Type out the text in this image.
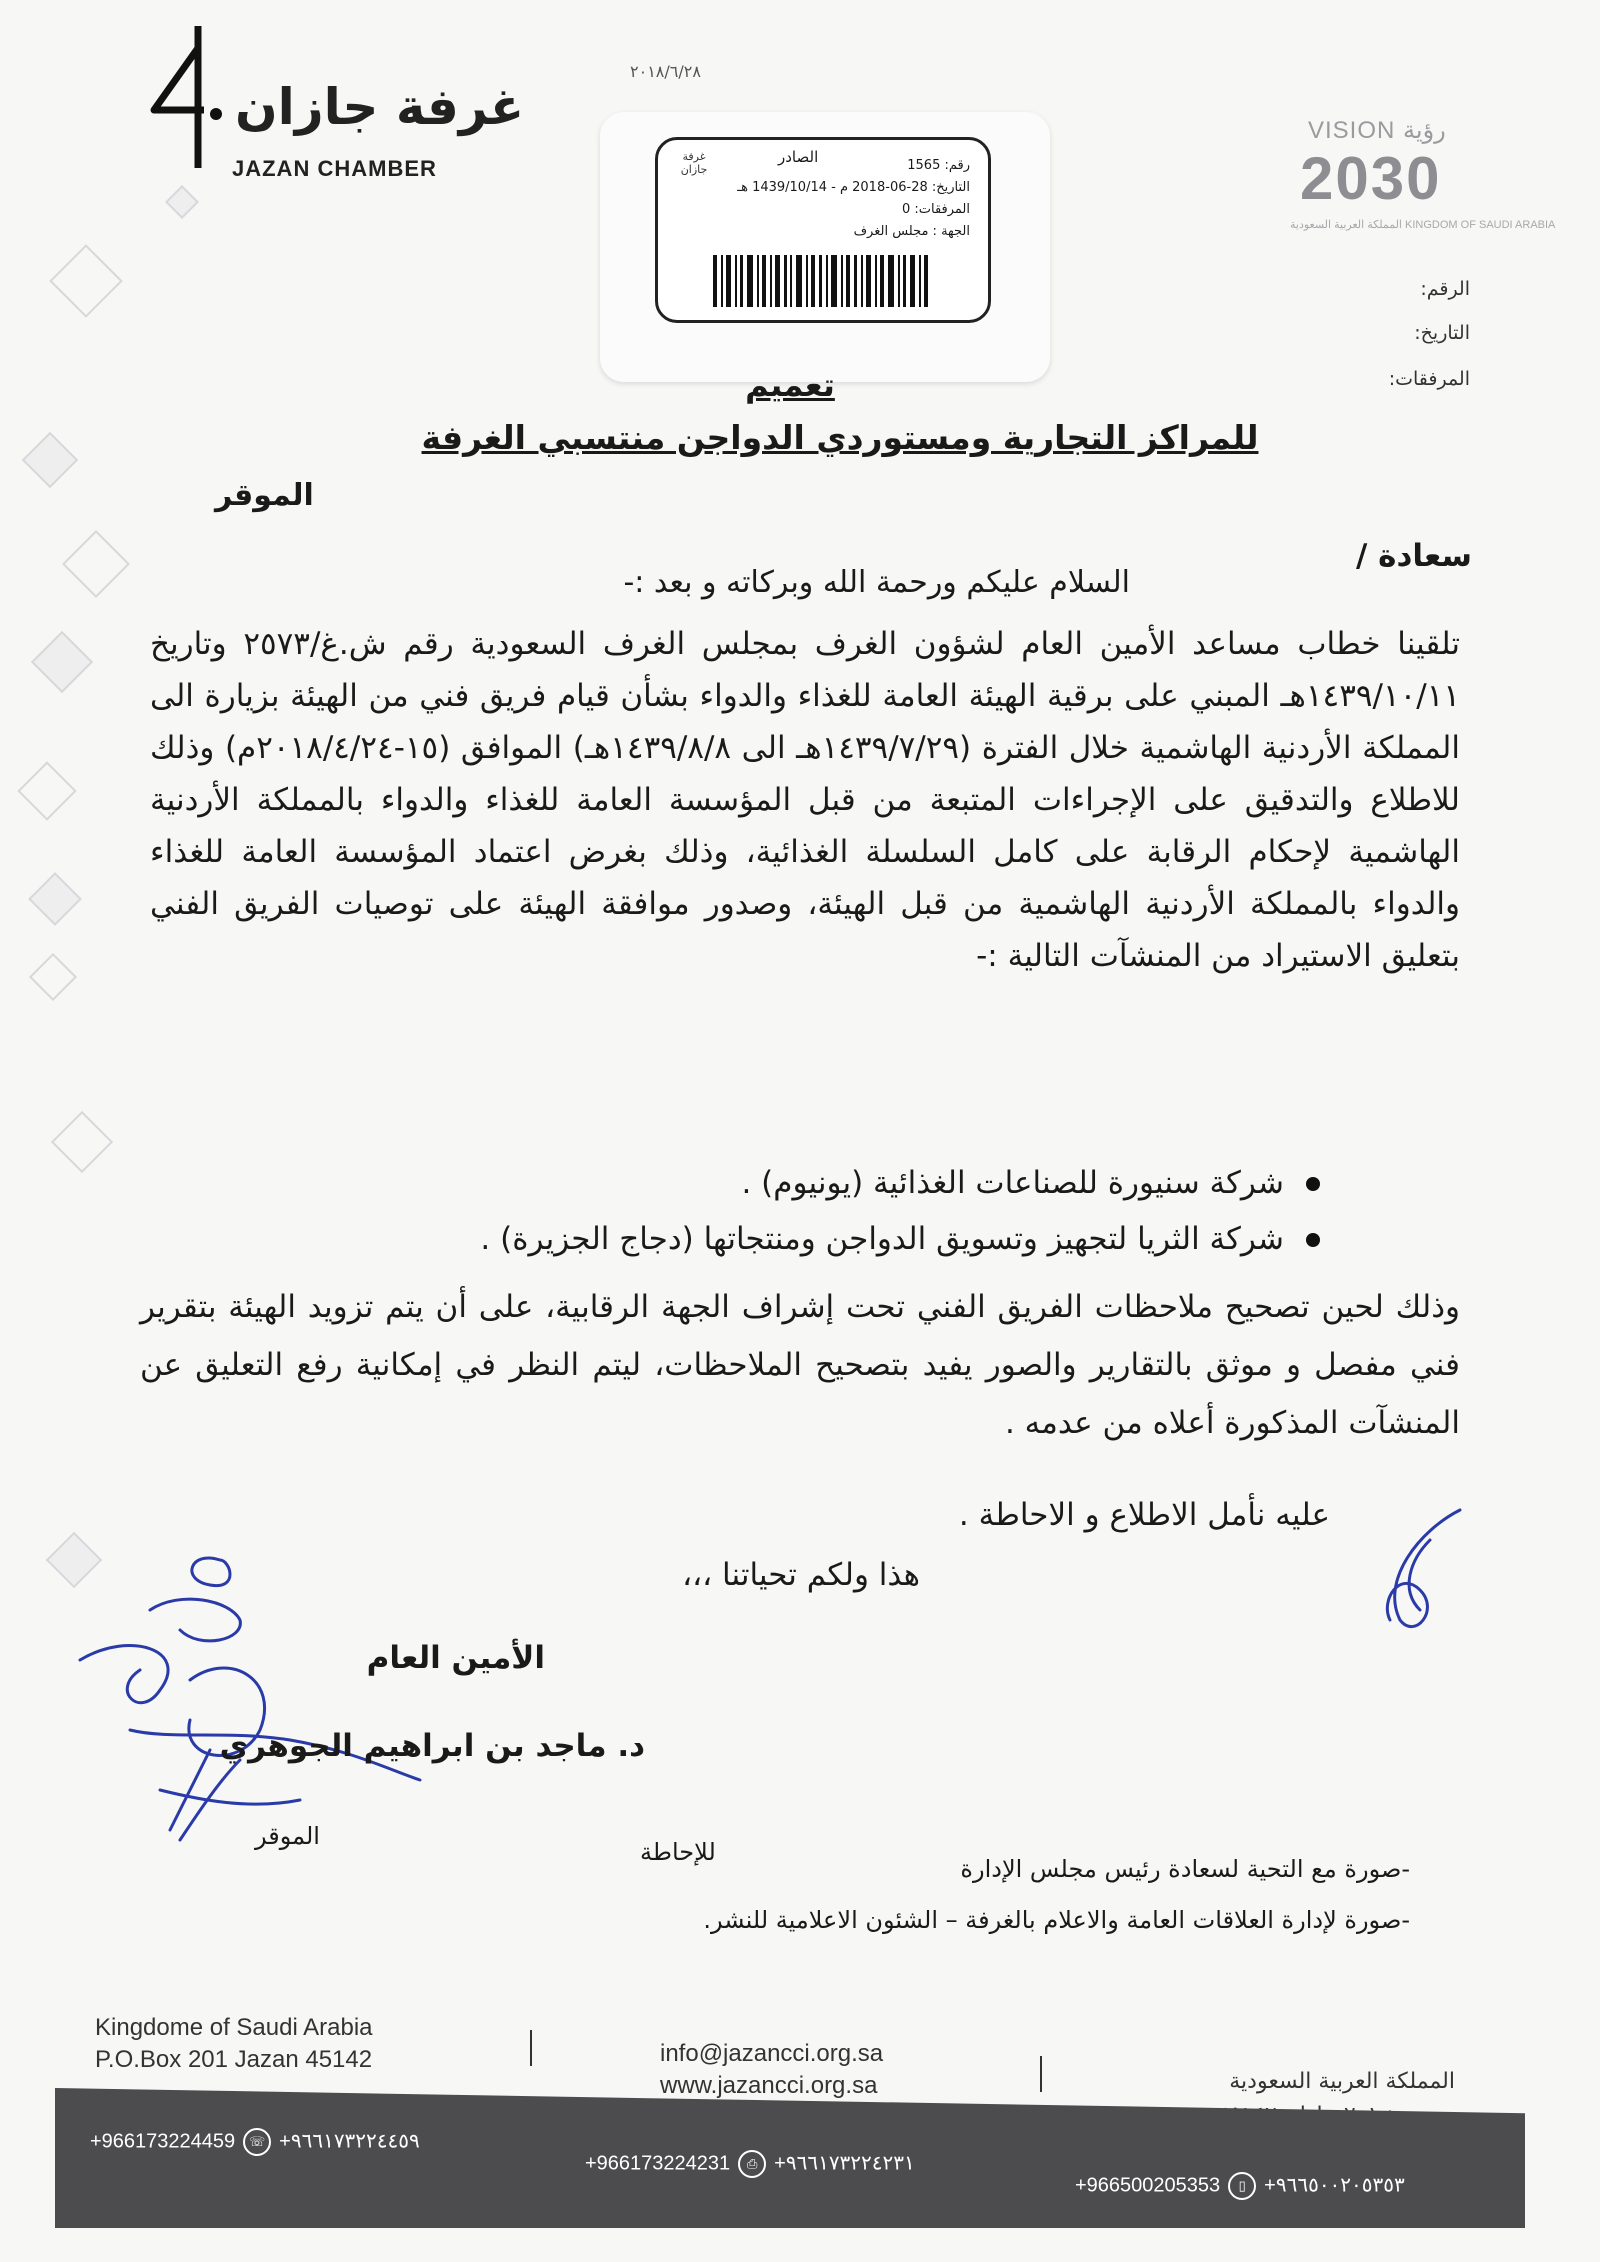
غرفة جازان
JAZAN CHAMBER
٢٠١٨/٦/٢٨
غرفة جازان
الصادر	رقم: 1565
التاريخ: 28-06-2018 م - 1439/10/14 هـ
المرفقات: 0
الجهة : مجلس الغرف
VISION رؤية
2030
المملكة العربية السعودية KINGDOM OF SAUDI ARABIA
الرقم:
التاريخ:
المرفقات:
تعميم
للمراكز التجارية ومستوردي الدواجن منتسبي الغرفة
الموقر
سعادة /
السلام عليكم ورحمة الله وبركاته و بعد :-
تلقينا خطاب مساعد الأمين العام لشؤون الغرف بمجلس الغرف السعودية رقم ش.غ/٢٥٧٣ وتاريخ ١٤٣٩/١٠/١١هـ المبني على برقية الهيئة العامة للغذاء والدواء بشأن قيام فريق فني من الهيئة بزيارة الى المملكة الأردنية الهاشمية خلال الفترة (١٤٣٩/٧/٢٩هـ الى ١٤٣٩/٨/٨هـ) الموافق (١٥-٢٠١٨/٤/٢٤م) وذلك للاطلاع والتدقيق على الإجراءات المتبعة من قبل المؤسسة العامة للغذاء والدواء بالمملكة الأردنية الهاشمية لإحكام الرقابة على كامل السلسلة الغذائية، وذلك بغرض اعتماد المؤسسة العامة للغذاء والدواء بالمملكة الأردنية الهاشمية من قبل الهيئة، وصدور موافقة الهيئة على توصيات الفريق الفني بتعليق الاستيراد من المنشآت التالية :-
شركة سنيورة للصناعات الغذائية (يونيوم) .
شركة الثريا لتجهيز وتسويق الدواجن ومنتجاتها (دجاج الجزيرة) .
وذلك لحين تصحيح ملاحظات الفريق الفني تحت إشراف الجهة الرقابية، على أن يتم تزويد الهيئة بتقرير فني مفصل و موثق بالتقارير والصور يفيد بتصحيح الملاحظات، ليتم النظر في إمكانية رفع التعليق عن المنشآت المذكورة أعلاه من عدمه .
عليه نأمل الاطلاع و الاحاطة .
هذا ولكم تحياتنا ،،،
الأمين العام
د. ماجد بن ابراهيم الجوهري
الموقر
للإحاطة
-صورة مع التحية لسعادة رئيس مجلس الإدارة
-صورة لإدارة العلاقات العامة والاعلام بالغرفة – الشئون الاعلامية للنشر.
Kingdome of Saudi Arabia
P.O.Box 201 Jazan 45142	info@jazancci.org.sa
www.jazancci.org.sa	المملكة العربية السعودية
+966173224459 ☏ +٩٦٦١٧٣٢٢٤٤٥٩
+966173224231 ⎙ +٩٦٦١٧٣٢٢٤٢٣١
+966500205353 ▯ +٩٦٦٥٠٠٢٠٥٣٥٣
